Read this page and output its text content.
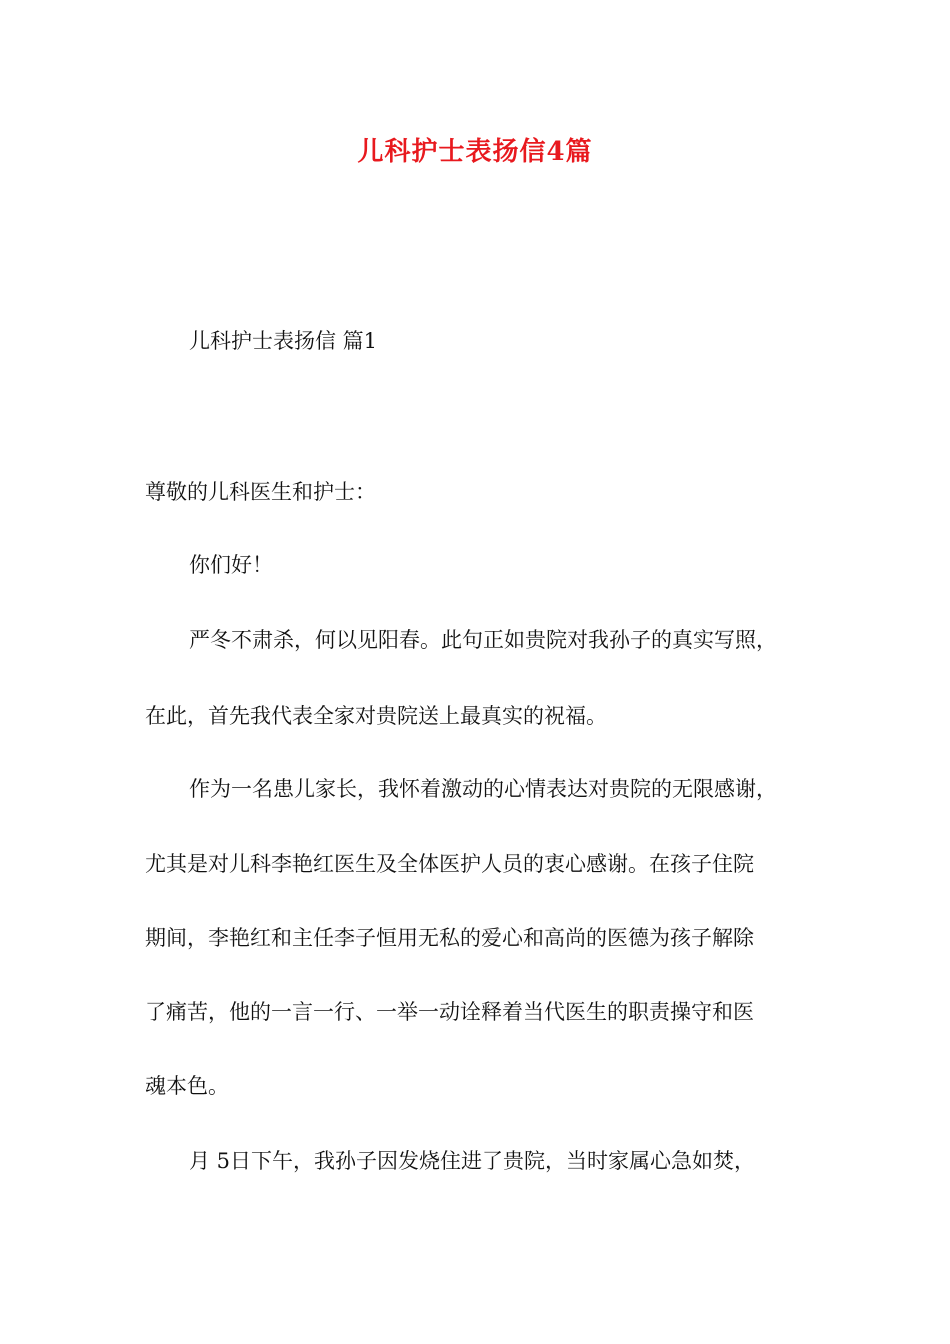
儿科护士表扬信4篇

儿科护士表扬信 篇1

尊敬的儿科医生和护士：

你们好！

严冬不肃杀，何以见阳春。此句正如贵院对我孙子的真实写照，

在此，首先我代表全家对贵院送上最真实的祝福。

作为一名患儿家长，我怀着激动的心情表达对贵院的无限感谢，

尤其是对儿科李艳红医生及全体医护人员的衷心感谢。在孩子住院

期间，李艳红和主任李子恒用无私的爱心和高尚的医德为孩子解除

了痛苦，他的一言一行、一举一动诠释着当代医生的职责操守和医

魂本色。

月 5日下午，我孙子因发烧住进了贵院，当时家属心急如焚，
